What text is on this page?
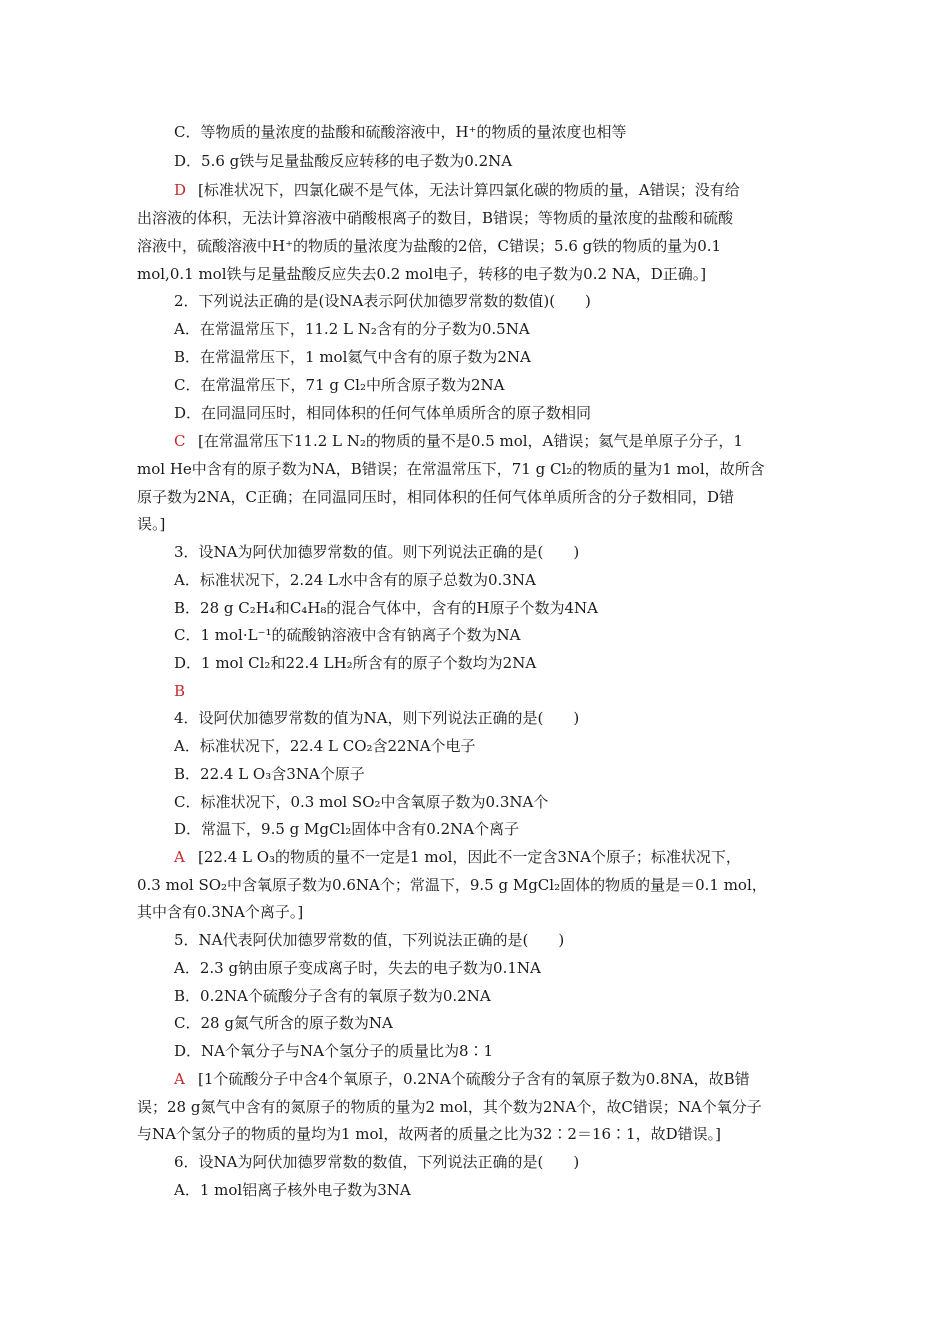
C．等物质的量浓度的盐酸和硫酸溶液中，H⁺的物质的量浓度也相等
D．5.6 g铁与足量盐酸反应转移的电子数为0.2NA
D [标准状况下，四氯化碳不是气体，无法计算四氯化碳的物质的量，A错误；没有给
出溶液的体积，无法计算溶液中硝酸根离子的数目，B错误；等物质的量浓度的盐酸和硫酸
溶液中，硫酸溶液中H⁺的物质的量浓度为盐酸的2倍，C错误；5.6 g铁的物质的量为0.1
mol,0.1 mol铁与足量盐酸反应失去0.2 mol电子，转移的电子数为0.2 NA，D正确。]
2．下列说法正确的是(设NA表示阿伏加德罗常数的数值)(　　)
A．在常温常压下，11.2 L N₂含有的分子数为0.5NA
B．在常温常压下，1 mol氦气中含有的原子数为2NA
C．在常温常压下，71 g Cl₂中所含原子数为2NA
D．在同温同压时，相同体积的任何气体单质所含的原子数相同
C [在常温常压下11.2 L N₂的物质的量不是0.5 mol，A错误；氦气是单原子分子，1
mol He中含有的原子数为NA，B错误；在常温常压下，71 g Cl₂的物质的量为1 mol，故所含
原子数为2NA，C正确；在同温同压时，相同体积的任何气体单质所含的分子数相同，D错
误。]
3．设NA为阿伏加德罗常数的值。则下列说法正确的是(　　)
A．标准状况下，2.24 L水中含有的原子总数为0.3NA
B．28 g C₂H₄和C₄H₈的混合气体中，含有的H原子个数为4NA
C．1 mol·L⁻¹的硫酸钠溶液中含有钠离子个数为NA
D．1 mol Cl₂和22.4 LH₂所含有的原子个数均为2NA
B
4．设阿伏加德罗常数的值为NA，则下列说法正确的是(　　)
A．标准状况下，22.4 L CO₂含22NA个电子
B．22.4 L O₃含3NA个原子
C．标准状况下，0.3 mol SO₂中含氧原子数为0.3NA个
D．常温下，9.5 g MgCl₂固体中含有0.2NA个离子
A [22.4 L O₃的物质的量不一定是1 mol，因此不一定含3NA个原子；标准状况下，
0.3 mol SO₂中含氧原子数为0.6NA个；常温下，9.5 g MgCl₂固体的物质的量是＝0.1 mol，
其中含有0.3NA个离子。]
5．NA代表阿伏加德罗常数的值，下列说法正确的是(　　)
A．2.3 g钠由原子变成离子时，失去的电子数为0.1NA
B．0.2NA个硫酸分子含有的氧原子数为0.2NA
C．28 g氮气所含的原子数为NA
D．NA个氧分子与NA个氢分子的质量比为8∶1
A [1个硫酸分子中含4个氧原子，0.2NA个硫酸分子含有的氧原子数为0.8NA，故B错
误；28 g氮气中含有的氮原子的物质的量为2 mol，其个数为2NA个，故C错误；NA个氧分子
与NA个氢分子的物质的量均为1 mol，故两者的质量之比为32∶2＝16∶1，故D错误。]
6．设NA为阿伏加德罗常数的数值，下列说法正确的是(　　)
A．1 mol铝离子核外电子数为3NA
